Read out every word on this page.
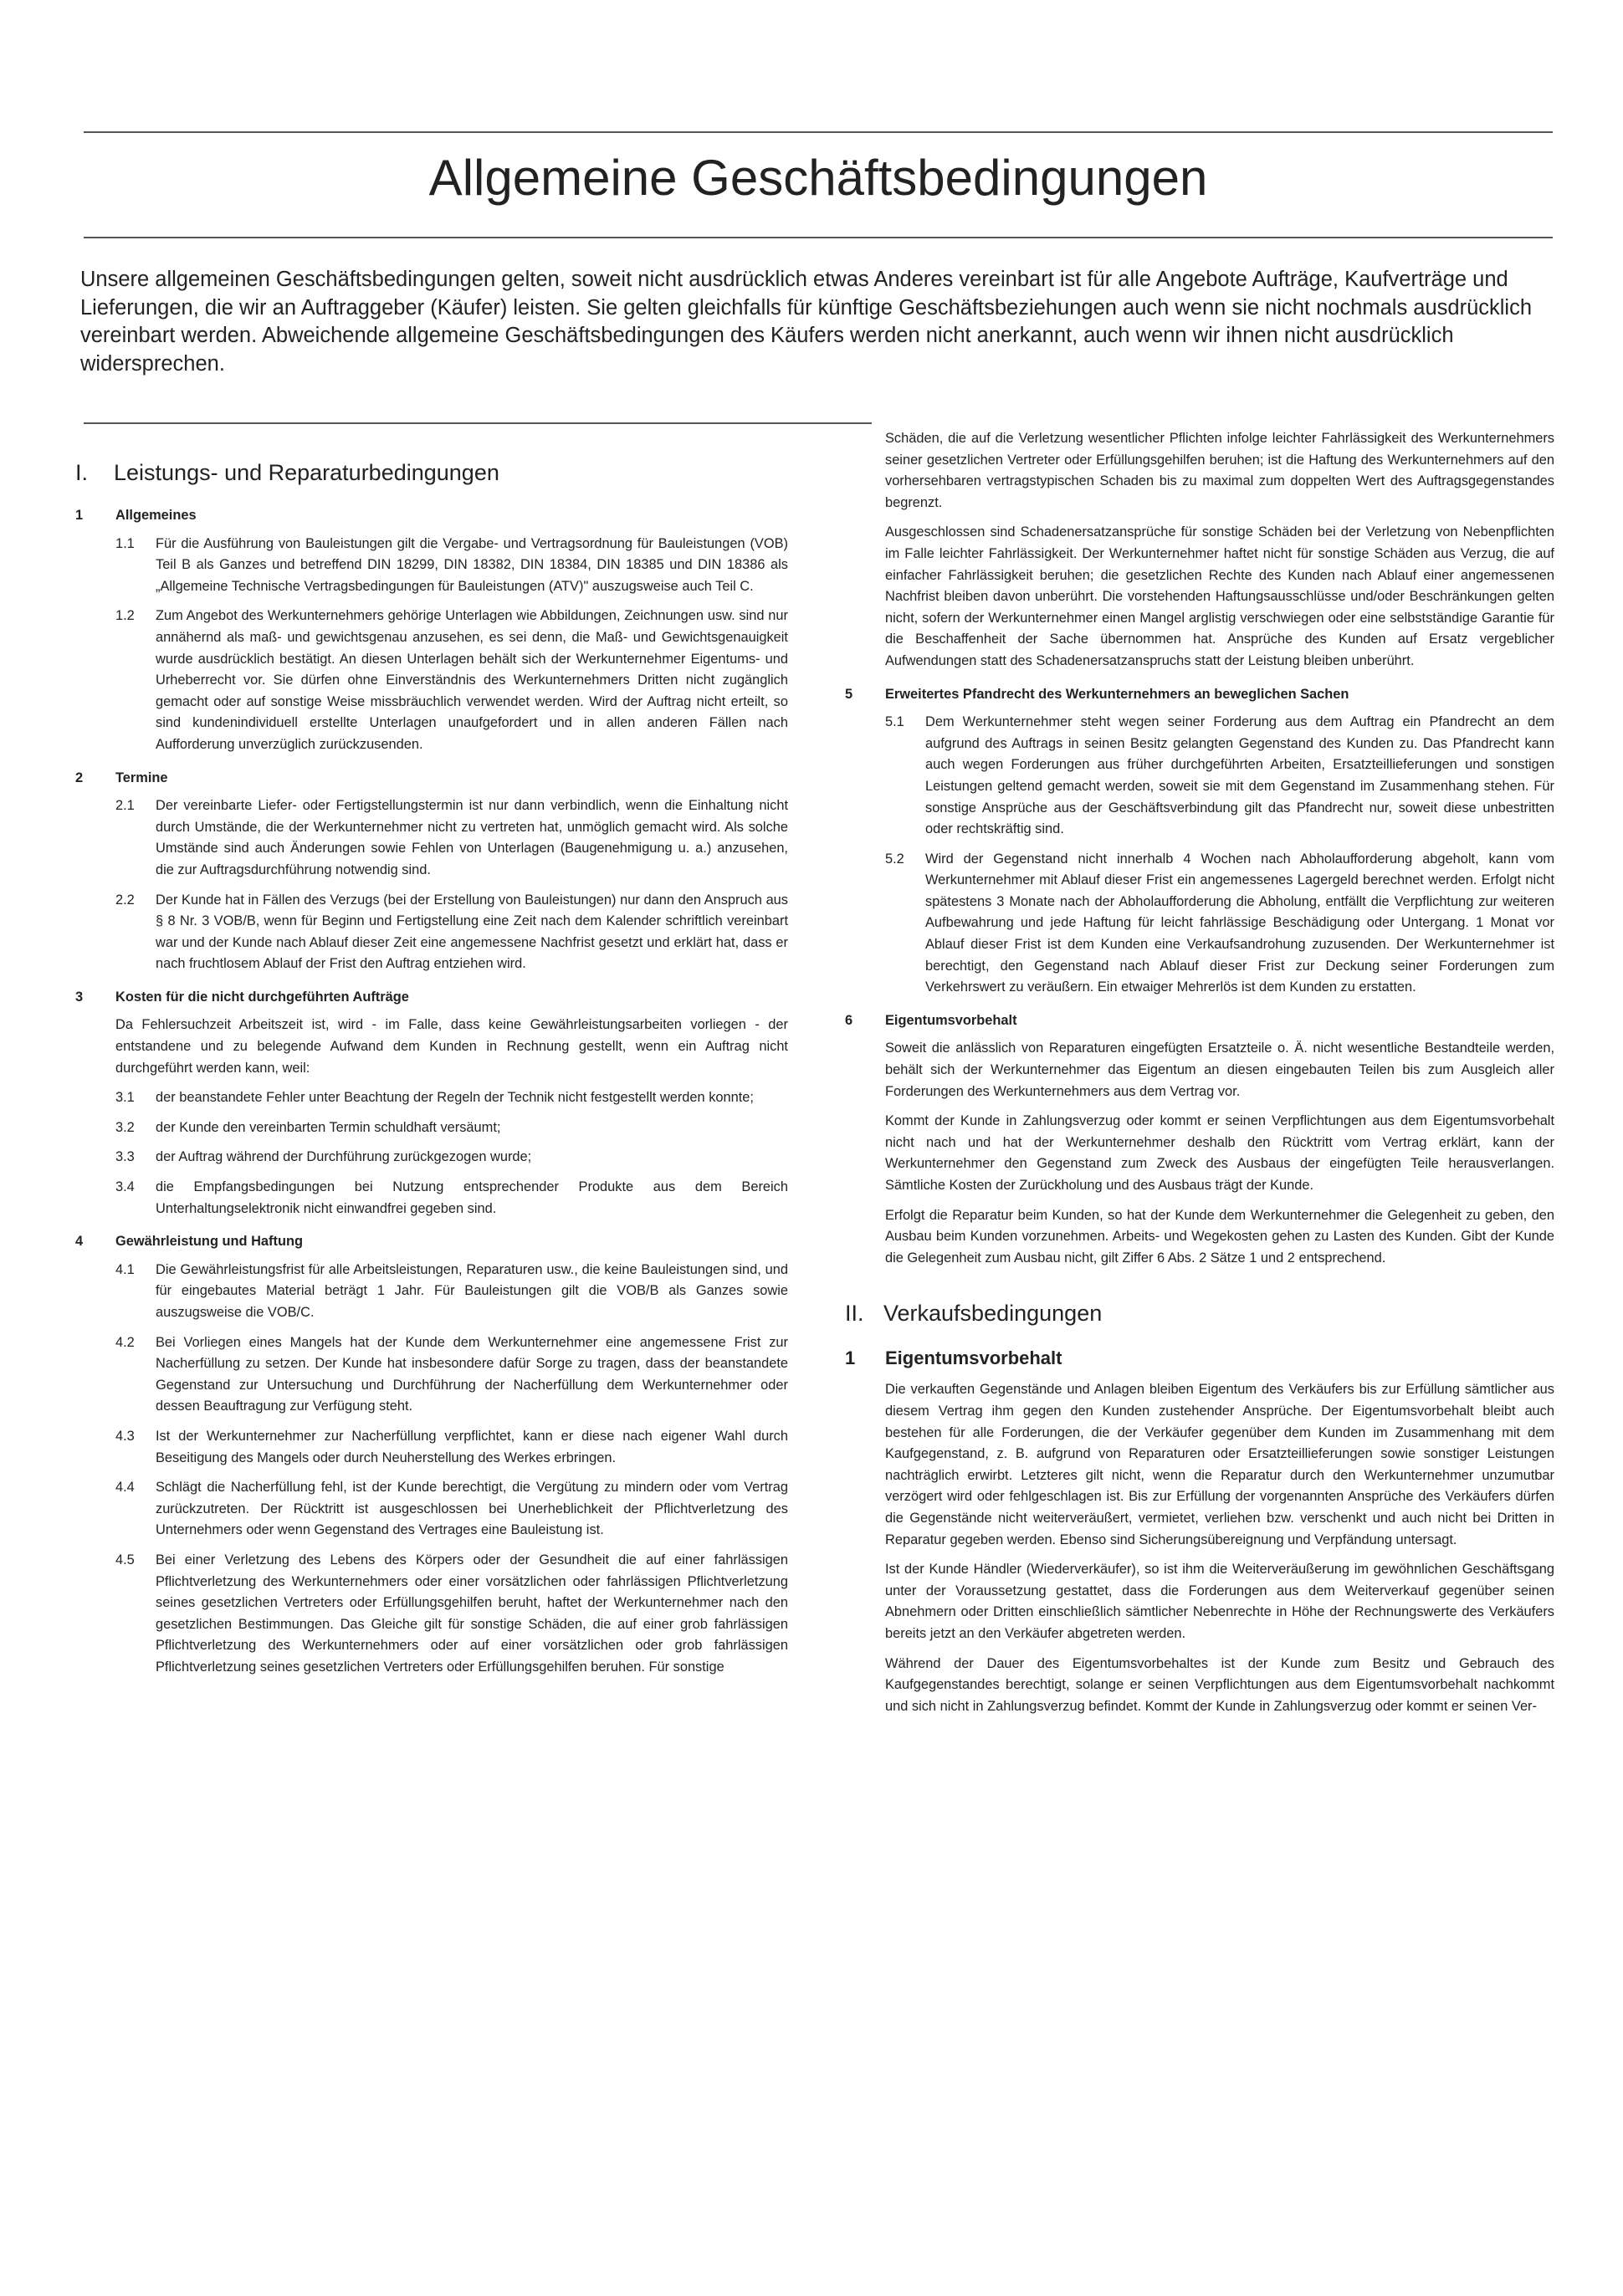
Allgemeine Geschäftsbedingungen

Unsere allgemeinen Geschäftsbedingungen gelten, soweit nicht ausdrücklich etwas Anderes vereinbart ist für alle Angebote Aufträge, Kaufverträge und Lieferungen, die wir an Auftraggeber (Käufer) leisten. Sie gelten gleichfalls für künftige Geschäftsbeziehungen auch wenn sie nicht nochmals ausdrücklich vereinbart werden. Abweichende allgemeine Geschäftsbedingungen des Käufers werden nicht anerkannt, auch wenn wir ihnen nicht ausdrücklich widersprechen.

I.	Leistungs- und Reparaturbedingungen
1	Allgemeines
1.1	Für die Ausführung von Bauleistungen gilt die Vergabe- und Vertragsordnung für Bauleistungen (VOB) Teil B als Ganzes und betreffend DIN 18299, DIN 18382, DIN 18384, DIN 18385 und DIN 18386 als „Allgemeine Technische Vertragsbedingungen für Bauleistungen (ATV)" auszugsweise auch Teil C.
1.2	Zum Angebot des Werkunternehmers gehörige Unterlagen wie Abbildungen, Zeichnungen usw. sind nur annähernd als maß- und gewichtsgenau anzusehen, es sei denn, die Maß- und Gewichtsgenauigkeit wurde ausdrücklich bestätigt. An diesen Unterlagen behält sich der Werkunternehmer Eigentums- und Urheberrecht vor. Sie dürfen ohne Einverständnis des Werkunternehmers Dritten nicht zugänglich gemacht oder auf sonstige Weise missbräuchlich verwendet werden. Wird der Auftrag nicht erteilt, so sind kundenindividuell erstellte Unterlagen unaufgefordert und in allen anderen Fällen nach Aufforderung unverzüglich zurückzusenden.
2	Termine
2.1	Der vereinbarte Liefer- oder Fertigstellungstermin ist nur dann verbindlich, wenn die Einhaltung nicht durch Umstände, die der Werkunternehmer nicht zu vertreten hat, unmöglich gemacht wird. Als solche Umstände sind auch Änderungen sowie Fehlen von Unterlagen (Baugenehmigung u. a.) anzusehen, die zur Auftragsdurchführung notwendig sind.
2.2	Der Kunde hat in Fällen des Verzugs (bei der Erstellung von Bauleistungen) nur dann den Anspruch aus § 8 Nr. 3 VOB/B, wenn für Beginn und Fertigstellung eine Zeit nach dem Kalender schriftlich vereinbart war und der Kunde nach Ablauf dieser Zeit eine angemessene Nachfrist gesetzt und erklärt hat, dass er nach fruchtlosem Ablauf der Frist den Auftrag entziehen wird.
3	Kosten für die nicht durchgeführten Aufträge

Da Fehlersuchzeit Arbeitszeit ist, wird - im Falle, dass keine Gewährleistungsarbeiten vorliegen - der entstandene und zu belegende Aufwand dem Kunden in Rechnung gestellt, wenn ein Auftrag nicht durchgeführt werden kann, weil:

3.1	der beanstandete Fehler unter Beachtung der Regeln der Technik nicht festgestellt werden konnte;
3.2	der Kunde den vereinbarten Termin schuldhaft versäumt;
3.3	der Auftrag während der Durchführung zurückgezogen wurde;
3.4	die Empfangsbedingungen bei Nutzung entsprechender Produkte aus dem Bereich Unterhaltungselektronik nicht einwandfrei gegeben sind.
4	Gewährleistung und Haftung
4.1	Die Gewährleistungsfrist für alle Arbeitsleistungen, Reparaturen usw., die keine Bauleistungen sind, und für eingebautes Material beträgt 1 Jahr. Für Bauleistungen gilt die VOB/B als Ganzes sowie auszugsweise die VOB/C.
4.2	Bei Vorliegen eines Mangels hat der Kunde dem Werkunternehmer eine angemessene Frist zur Nacherfüllung zu setzen. Der Kunde hat insbesondere dafür Sorge zu tragen, dass der beanstandete Gegenstand zur Untersuchung und Durchführung der Nacherfüllung dem Werkunternehmer oder dessen Beauftragung zur Verfügung steht.
4.3	Ist der Werkunternehmer zur Nacherfüllung verpflichtet, kann er diese nach eigener Wahl durch Beseitigung des Mangels oder durch Neuherstellung des Werkes erbringen.
4.4	Schlägt die Nacherfüllung fehl, ist der Kunde berechtigt, die Vergütung zu mindern oder vom Vertrag zurückzutreten. Der Rücktritt ist ausgeschlossen bei Unerheblichkeit der Pflichtverletzung des Unternehmers oder wenn Gegenstand des Vertrages eine Bauleistung ist.
4.5	Bei einer Verletzung des Lebens des Körpers oder der Gesundheit die auf einer fahrlässigen Pflichtverletzung des Werkunternehmers oder einer vorsätzlichen oder fahrlässigen Pflichtverletzung seines gesetzlichen Vertreters oder Erfüllungsgehilfen beruht, haftet der Werkunternehmer nach den gesetzlichen Bestimmungen. Das Gleiche gilt für sonstige Schäden, die auf einer grob fahrlässigen Pflichtverletzung des Werkunternehmers oder auf einer vorsätzlichen oder grob fahrlässigen Pflichtverletzung seines gesetzlichen Vertreters oder Erfüllungsgehilfen beruhen. Für sonstige

Schäden, die auf die Verletzung wesentlicher Pflichten infolge leichter Fahrlässigkeit des Werkunternehmers seiner gesetzlichen Vertreter oder Erfüllungsgehilfen beruhen; ist die Haftung des Werkunternehmers auf den vorhersehbaren vertragstypischen Schaden bis zu maximal zum doppelten Wert des Auftragsgegenstandes begrenzt.

Ausgeschlossen sind Schadenersatzansprüche für sonstige Schäden bei der Verletzung von Nebenpflichten im Falle leichter Fahrlässigkeit. Der Werkunternehmer haftet nicht für sonstige Schäden aus Verzug, die auf einfacher Fahrlässigkeit beruhen; die gesetzlichen Rechte des Kunden nach Ablauf einer angemessenen Nachfrist bleiben davon unberührt. Die vorstehenden Haftungsausschlüsse und/oder Beschränkungen gelten nicht, sofern der Werkunternehmer einen Mangel arglistig verschwiegen oder eine selbstständige Garantie für die Beschaffenheit der Sache übernommen hat. Ansprüche des Kunden auf Ersatz vergeblicher Aufwendungen statt des Schadenersatzanspruchs statt der Leistung bleiben unberührt.

5	Erweitertes Pfandrecht des Werkunternehmers an beweglichen Sachen
5.1	Dem Werkunternehmer steht wegen seiner Forderung aus dem Auftrag ein Pfandrecht an dem aufgrund des Auftrags in seinen Besitz gelangten Gegenstand des Kunden zu. Das Pfandrecht kann auch wegen Forderungen aus früher durchgeführten Arbeiten, Ersatzteillieferungen und sonstigen Leistungen geltend gemacht werden, soweit sie mit dem Gegenstand im Zusammenhang stehen. Für sonstige Ansprüche aus der Geschäftsverbindung gilt das Pfandrecht nur, soweit diese unbestritten oder rechtskräftig sind.
5.2	Wird der Gegenstand nicht innerhalb 4 Wochen nach Abholaufforderung abgeholt, kann vom Werkunternehmer mit Ablauf dieser Frist ein angemessenes Lagergeld berechnet werden. Erfolgt nicht spätestens 3 Monate nach der Abholaufforderung die Abholung, entfällt die Verpflichtung zur weiteren Aufbewahrung und jede Haftung für leicht fahrlässige Beschädigung oder Untergang. 1 Monat vor Ablauf dieser Frist ist dem Kunden eine Verkaufsandrohung zuzusenden. Der Werkunternehmer ist berechtigt, den Gegenstand nach Ablauf dieser Frist zur Deckung seiner Forderungen zum Verkehrswert zu veräußern. Ein etwaiger Mehrerlös ist dem Kunden zu erstatten.
6	Eigentumsvorbehalt

Soweit die anlässlich von Reparaturen eingefügten Ersatzteile o. Ä. nicht wesentliche Bestandteile werden, behält sich der Werkunternehmer das Eigentum an diesen eingebauten Teilen bis zum Ausgleich aller Forderungen des Werkunternehmers aus dem Vertrag vor.

Kommt der Kunde in Zahlungsverzug oder kommt er seinen Verpflichtungen aus dem Eigentumsvorbehalt nicht nach und hat der Werkunternehmer deshalb den Rücktritt vom Vertrag erklärt, kann der Werkunternehmer den Gegenstand zum Zweck des Ausbaus der eingefügten Teile herausverlangen. Sämtliche Kosten der Zurückholung und des Ausbaus trägt der Kunde.

Erfolgt die Reparatur beim Kunden, so hat der Kunde dem Werkunternehmer die Gelegenheit zu geben, den Ausbau beim Kunden vorzunehmen. Arbeits- und Wegekosten gehen zu Lasten des Kunden. Gibt der Kunde die Gelegenheit zum Ausbau nicht, gilt Ziffer 6 Abs. 2 Sätze 1 und 2 entsprechend.

II. Verkaufsbedingungen
1	Eigentumsvorbehalt

Die verkauften Gegenstände und Anlagen bleiben Eigentum des Verkäufers bis zur Erfüllung sämtlicher aus diesem Vertrag ihm gegen den Kunden zustehender Ansprüche. Der Eigentumsvorbehalt bleibt auch bestehen für alle Forderungen, die der Verkäufer gegenüber dem Kunden im Zusammenhang mit dem Kaufgegenstand, z. B. aufgrund von Reparaturen oder Ersatzteillieferungen sowie sonstiger Leistungen nachträglich erwirbt. Letzteres gilt nicht, wenn die Reparatur durch den Werkunternehmer unzumutbar verzögert wird oder fehlgeschlagen ist. Bis zur Erfüllung der vorgenannten Ansprüche des Verkäufers dürfen die Gegenstände nicht weiterveräußert, vermietet, verliehen bzw. verschenkt und auch nicht bei Dritten in Reparatur gegeben werden. Ebenso sind Sicherungsübereignung und Verpfändung untersagt.

Ist der Kunde Händler (Wiederverkäufer), so ist ihm die Weiterveräußerung im gewöhnlichen Geschäftsgang unter der Voraussetzung gestattet, dass die Forderungen aus dem Weiterverkauf gegenüber seinen Abnehmern oder Dritten einschließlich sämtlicher Nebenrechte in Höhe der Rechnungswerte des Verkäufers bereits jetzt an den Verkäufer abgetreten werden.

Während der Dauer des Eigentumsvorbehaltes ist der Kunde zum Besitz und Gebrauch des Kaufgegenstandes berechtigt, solange er seinen Verpflichtungen aus dem Eigentumsvorbehalt nachkommt und sich nicht in Zahlungsverzug befindet. Kommt der Kunde in Zahlungsverzug oder kommt er seinen Ver-
